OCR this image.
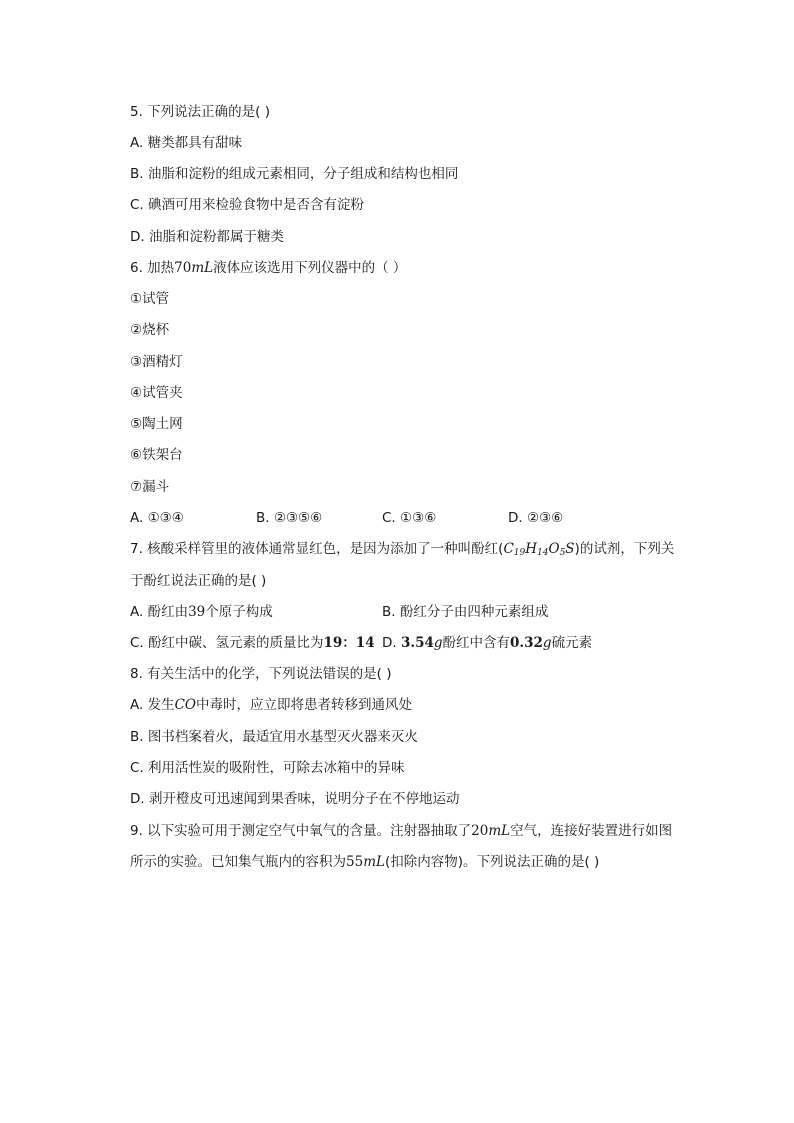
5. 下列说法正确的是( )
A. 糖类都具有甜味
B. 油脂和淀粉的组成元素相同，分子组成和结构也相同
C. 碘酒可用来检验食物中是否含有淀粉
D. 油脂和淀粉都属于糖类
6. 加热70mL液体应该选用下列仪器中的（ ）
①试管
②烧杯
③酒精灯
④试管夹
⑤陶土网
⑥铁架台
⑦漏斗
A. ①③④	B. ②③⑤⑥	C. ①③⑥	D. ②③⑥
7. 核酸采样管里的液体通常显红色，是因为添加了一种叫酚红$(C_{19}H_{14}O_5S)$的试剂，下列关
于酚红说法正确的是( )
A. 酚红由39个原子构成	B. 酚红分子由四种元素组成
C. 酚红中碳、氢元素的质量比为19：14 D. 3.54g酚红中含有0.32g硫元素
8. 有关生活中的化学，下列说法错误的是( )
A. 发生CO中毒时，应立即将患者转移到通风处
B. 图书档案着火，最适宜用水基型灭火器来灭火
C. 利用活性炭的吸附性，可除去冰箱中的异味
D. 剥开橙皮可迅速闻到果香味，说明分子在不停地运动
9. 以下实验可用于测定空气中氧气的含量。注射器抽取了20mL空气，连接好装置进行如图
所示的实验。已知集气瓶内的容积为55mL(扣除内容物)。下列说法正确的是( )
